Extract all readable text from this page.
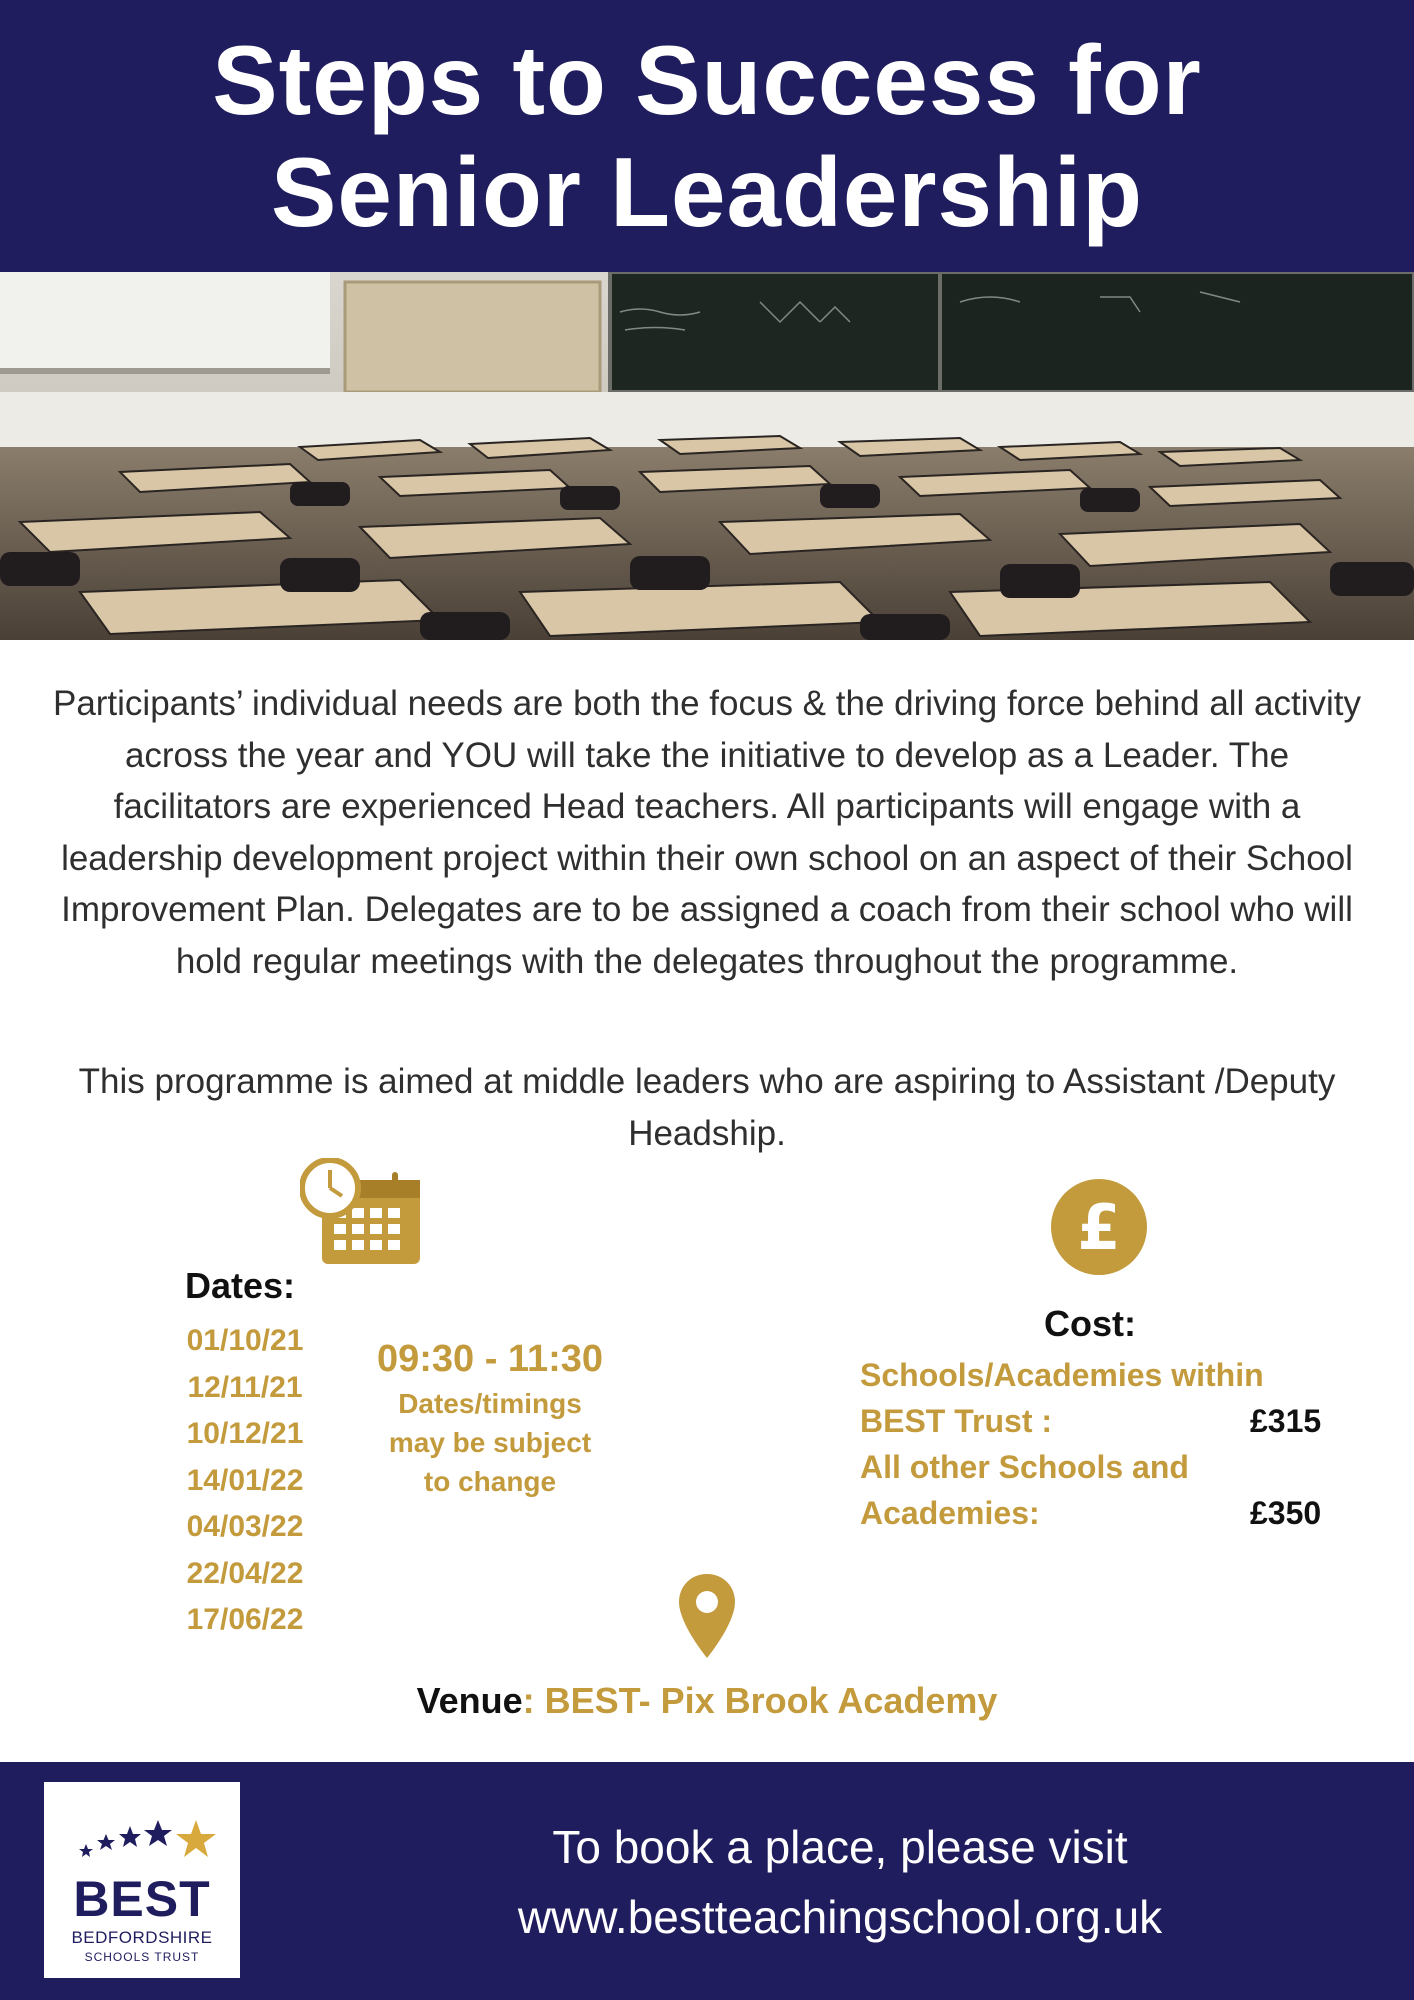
Steps to Success for
Senior Leadership
Participants’ individual needs are both the focus & the driving force behind all activity across the year and YOU will take the initiative to develop as a Leader. The facilitators are experienced Head teachers. All participants will engage with a leadership development project within their own school on an aspect of their School Improvement Plan. Delegates are to be assigned a coach from their school who will hold regular meetings with the delegates throughout the programme.
This programme is aimed at middle leaders who are aspiring to Assistant /Deputy Headship.
£
Dates:
01/10/21
12/11/21
10/12/21
14/01/22
04/03/22
22/04/22
17/06/22
09:30 - 11:30
Dates/timings
may be subject
to change
Cost:
Schools/Academies within
BEST Trust :	£315
All other Schools and
Academies:	£350
Venue: BEST- Pix Brook Academy
BEST
BEDFORDSHIRE
SCHOOLS TRUST
To book a place, please visit
www.bestteachingschool.org.uk
